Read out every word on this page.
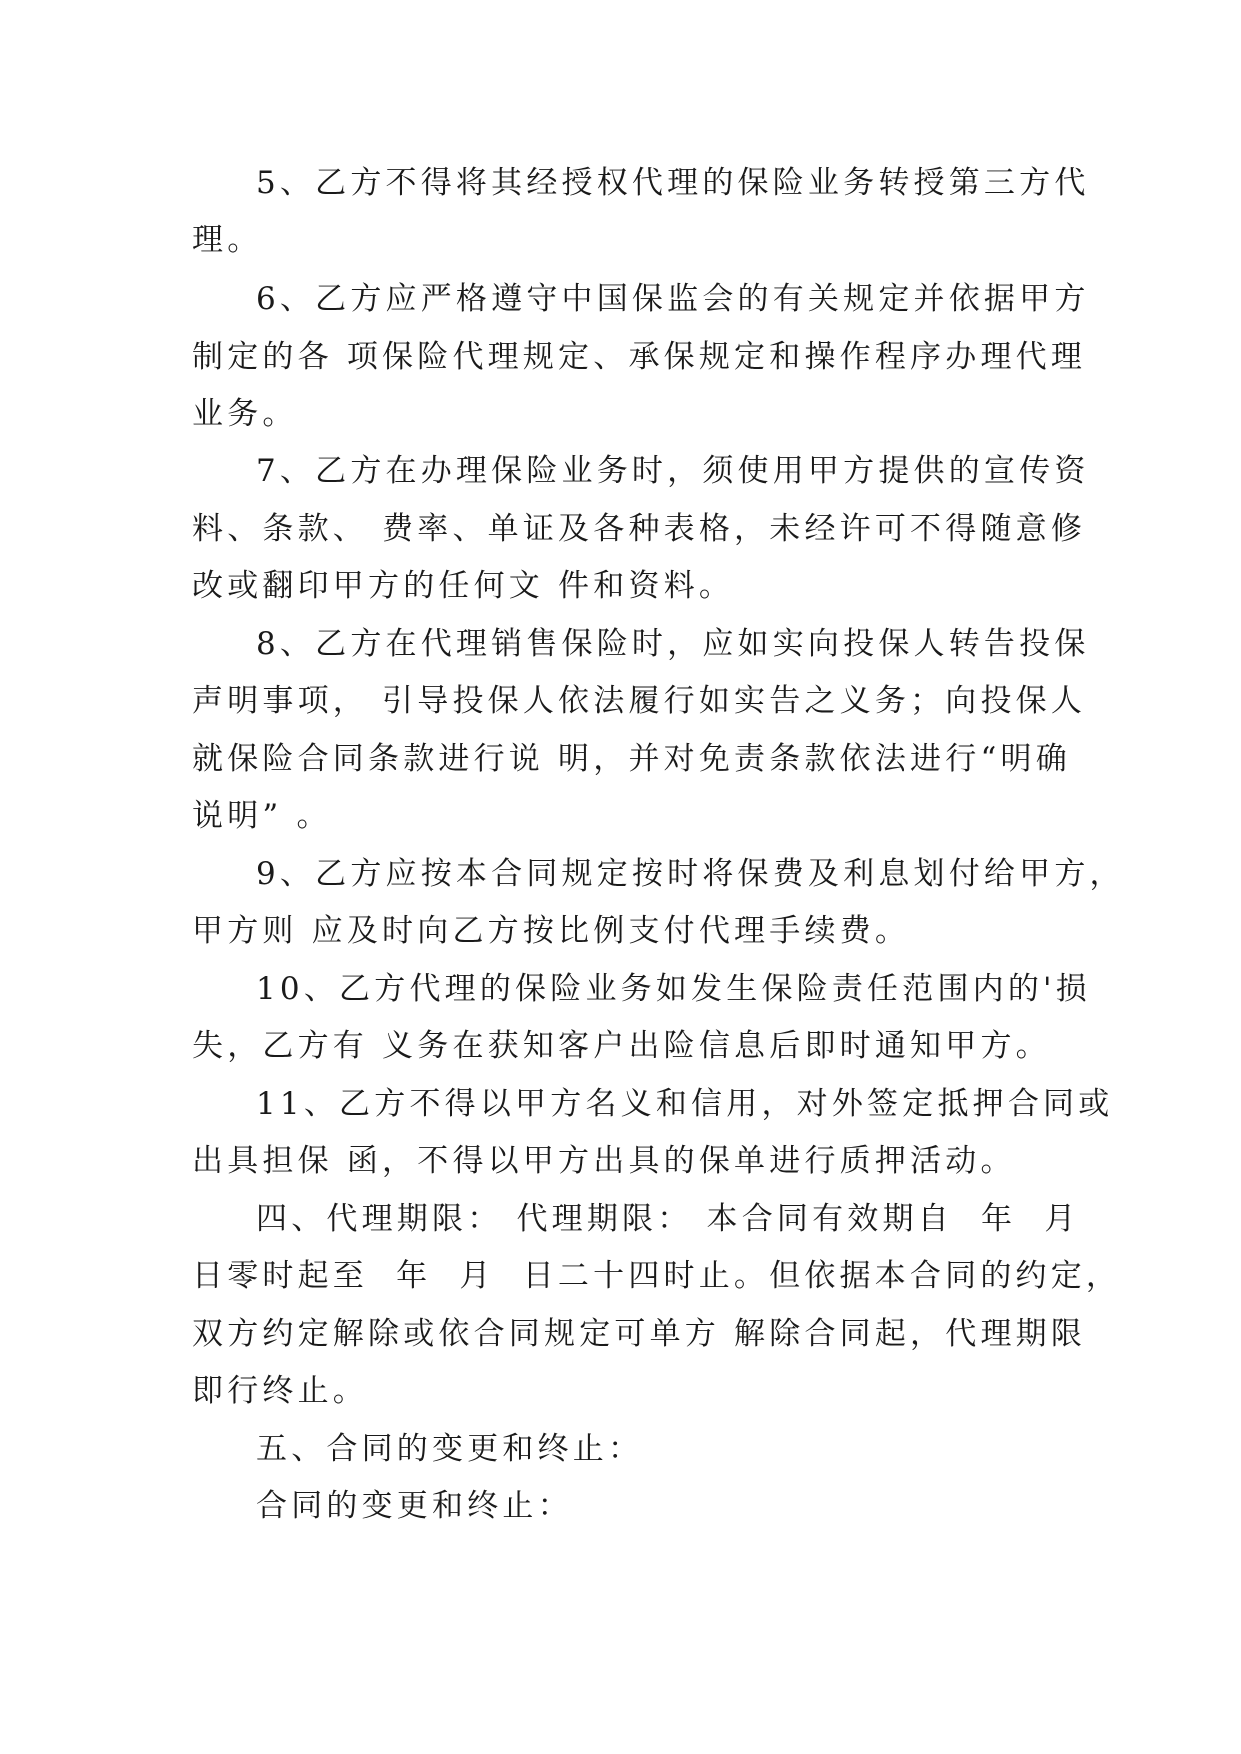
5、乙方不得将其经授权代理的保险业务转授第三方代
理。
6、乙方应严格遵守中国保监会的有关规定并依据甲方
制定的各 项保险代理规定、承保规定和操作程序办理代理
业务。
7、乙方在办理保险业务时，须使用甲方提供的宣传资
料、条款、 费率、单证及各种表格，未经许可不得随意修
改或翻印甲方的任何文 件和资料。
8、乙方在代理销售保险时，应如实向投保人转告投保
声明事项， 引导投保人依法履行如实告之义务；向投保人
就保险合同条款进行说 明，并对免责条款依法进行“明确
说明” 。
9、乙方应按本合同规定按时将保费及利息划付给甲方，
甲方则 应及时向乙方按比例支付代理手续费。
10、乙方代理的保险业务如发生保险责任范围内的'损
失，乙方有 义务在获知客户出险信息后即时通知甲方。
11、乙方不得以甲方名义和信用，对外签定抵押合同或
出具担保 函，不得以甲方出具的保单进行质押活动。
四、代理期限： 代理期限： 本合同有效期自  年  月
日零时起至  年  月  日二十四时止。但依据本合同的约定，
双方约定解除或依合同规定可单方 解除合同起，代理期限
即行终止。
五、合同的变更和终止：
合同的变更和终止：
